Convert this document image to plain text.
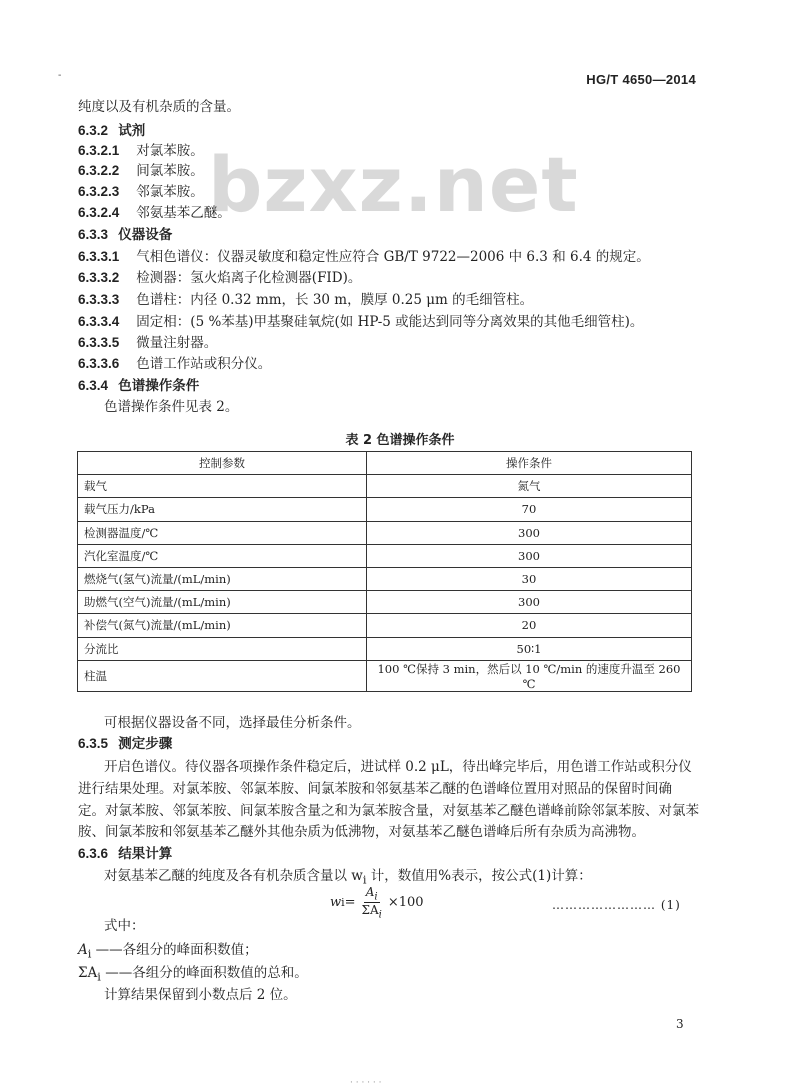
-	HG/T 4650—2014
bzxz.net
纯度以及有机杂质的含量。
6.3.2 试剂
6.3.2.1 对氯苯胺。
6.3.2.2 间氯苯胺。
6.3.2.3 邻氯苯胺。
6.3.2.4 邻氨基苯乙醚。
6.3.3 仪器设备
6.3.3.1 气相色谱仪：仪器灵敏度和稳定性应符合 GB/T 9722—2006 中 6.3 和 6.4 的规定。
6.3.3.2 检测器：氢火焰离子化检测器(FID)。
6.3.3.3 色谱柱：内径 0.32 mm，长 30 m，膜厚 0.25 μm 的毛细管柱。
6.3.3.4 固定相：(5 %苯基)甲基聚硅氧烷(如 HP-5 或能达到同等分离效果的其他毛细管柱)。
6.3.3.5 微量注射器。
6.3.3.6 色谱工作站或积分仪。
6.3.4 色谱操作条件
色谱操作条件见表 2。
表 2 色谱操作条件
控制参数	操作条件
载气	氮气
载气压力/kPa	70
检测器温度/℃	300
汽化室温度/℃	300
燃烧气(氢气)流量/(mL/min)	30
助燃气(空气)流量/(mL/min)	300
补偿气(氮气)流量/(mL/min)	20
分流比	50∶1
柱温	100 ℃保持 3 min，然后以 10 ℃/min 的速度升温至 260 ℃
可根据仪器设备不同，选择最佳分析条件。
6.3.5 测定步骤
开启色谱仪。待仪器各项操作条件稳定后，进试样 0.2 μL，待出峰完毕后，用色谱工作站或积分仪
进行结果处理。对氯苯胺、邻氯苯胺、间氯苯胺和邻氨基苯乙醚的色谱峰位置用对照品的保留时间确
定。对氯苯胺、邻氯苯胺、间氯苯胺含量之和为氯苯胺含量，对氨基苯乙醚色谱峰前除邻氯苯胺、对氯苯
胺、间氯苯胺和邻氨基苯乙醚外其他杂质为低沸物，对氨基苯乙醚色谱峰后所有杂质为高沸物。
6.3.6 结果计算
对氨基苯乙醚的纯度及各有机杂质含量以 $w_i$ 计，数值用%表示，按公式(1)计算：
w $i = \frac{A_i}{\Sigma A_i} \times 100$	…………………… (1)
式中：
$A_i$ ——各组分的峰面积数值；
$\Sigma A_i$ ——各组分的峰面积数值的总和。
计算结果保留到小数点后 2 位。
3
· · · · · ·
